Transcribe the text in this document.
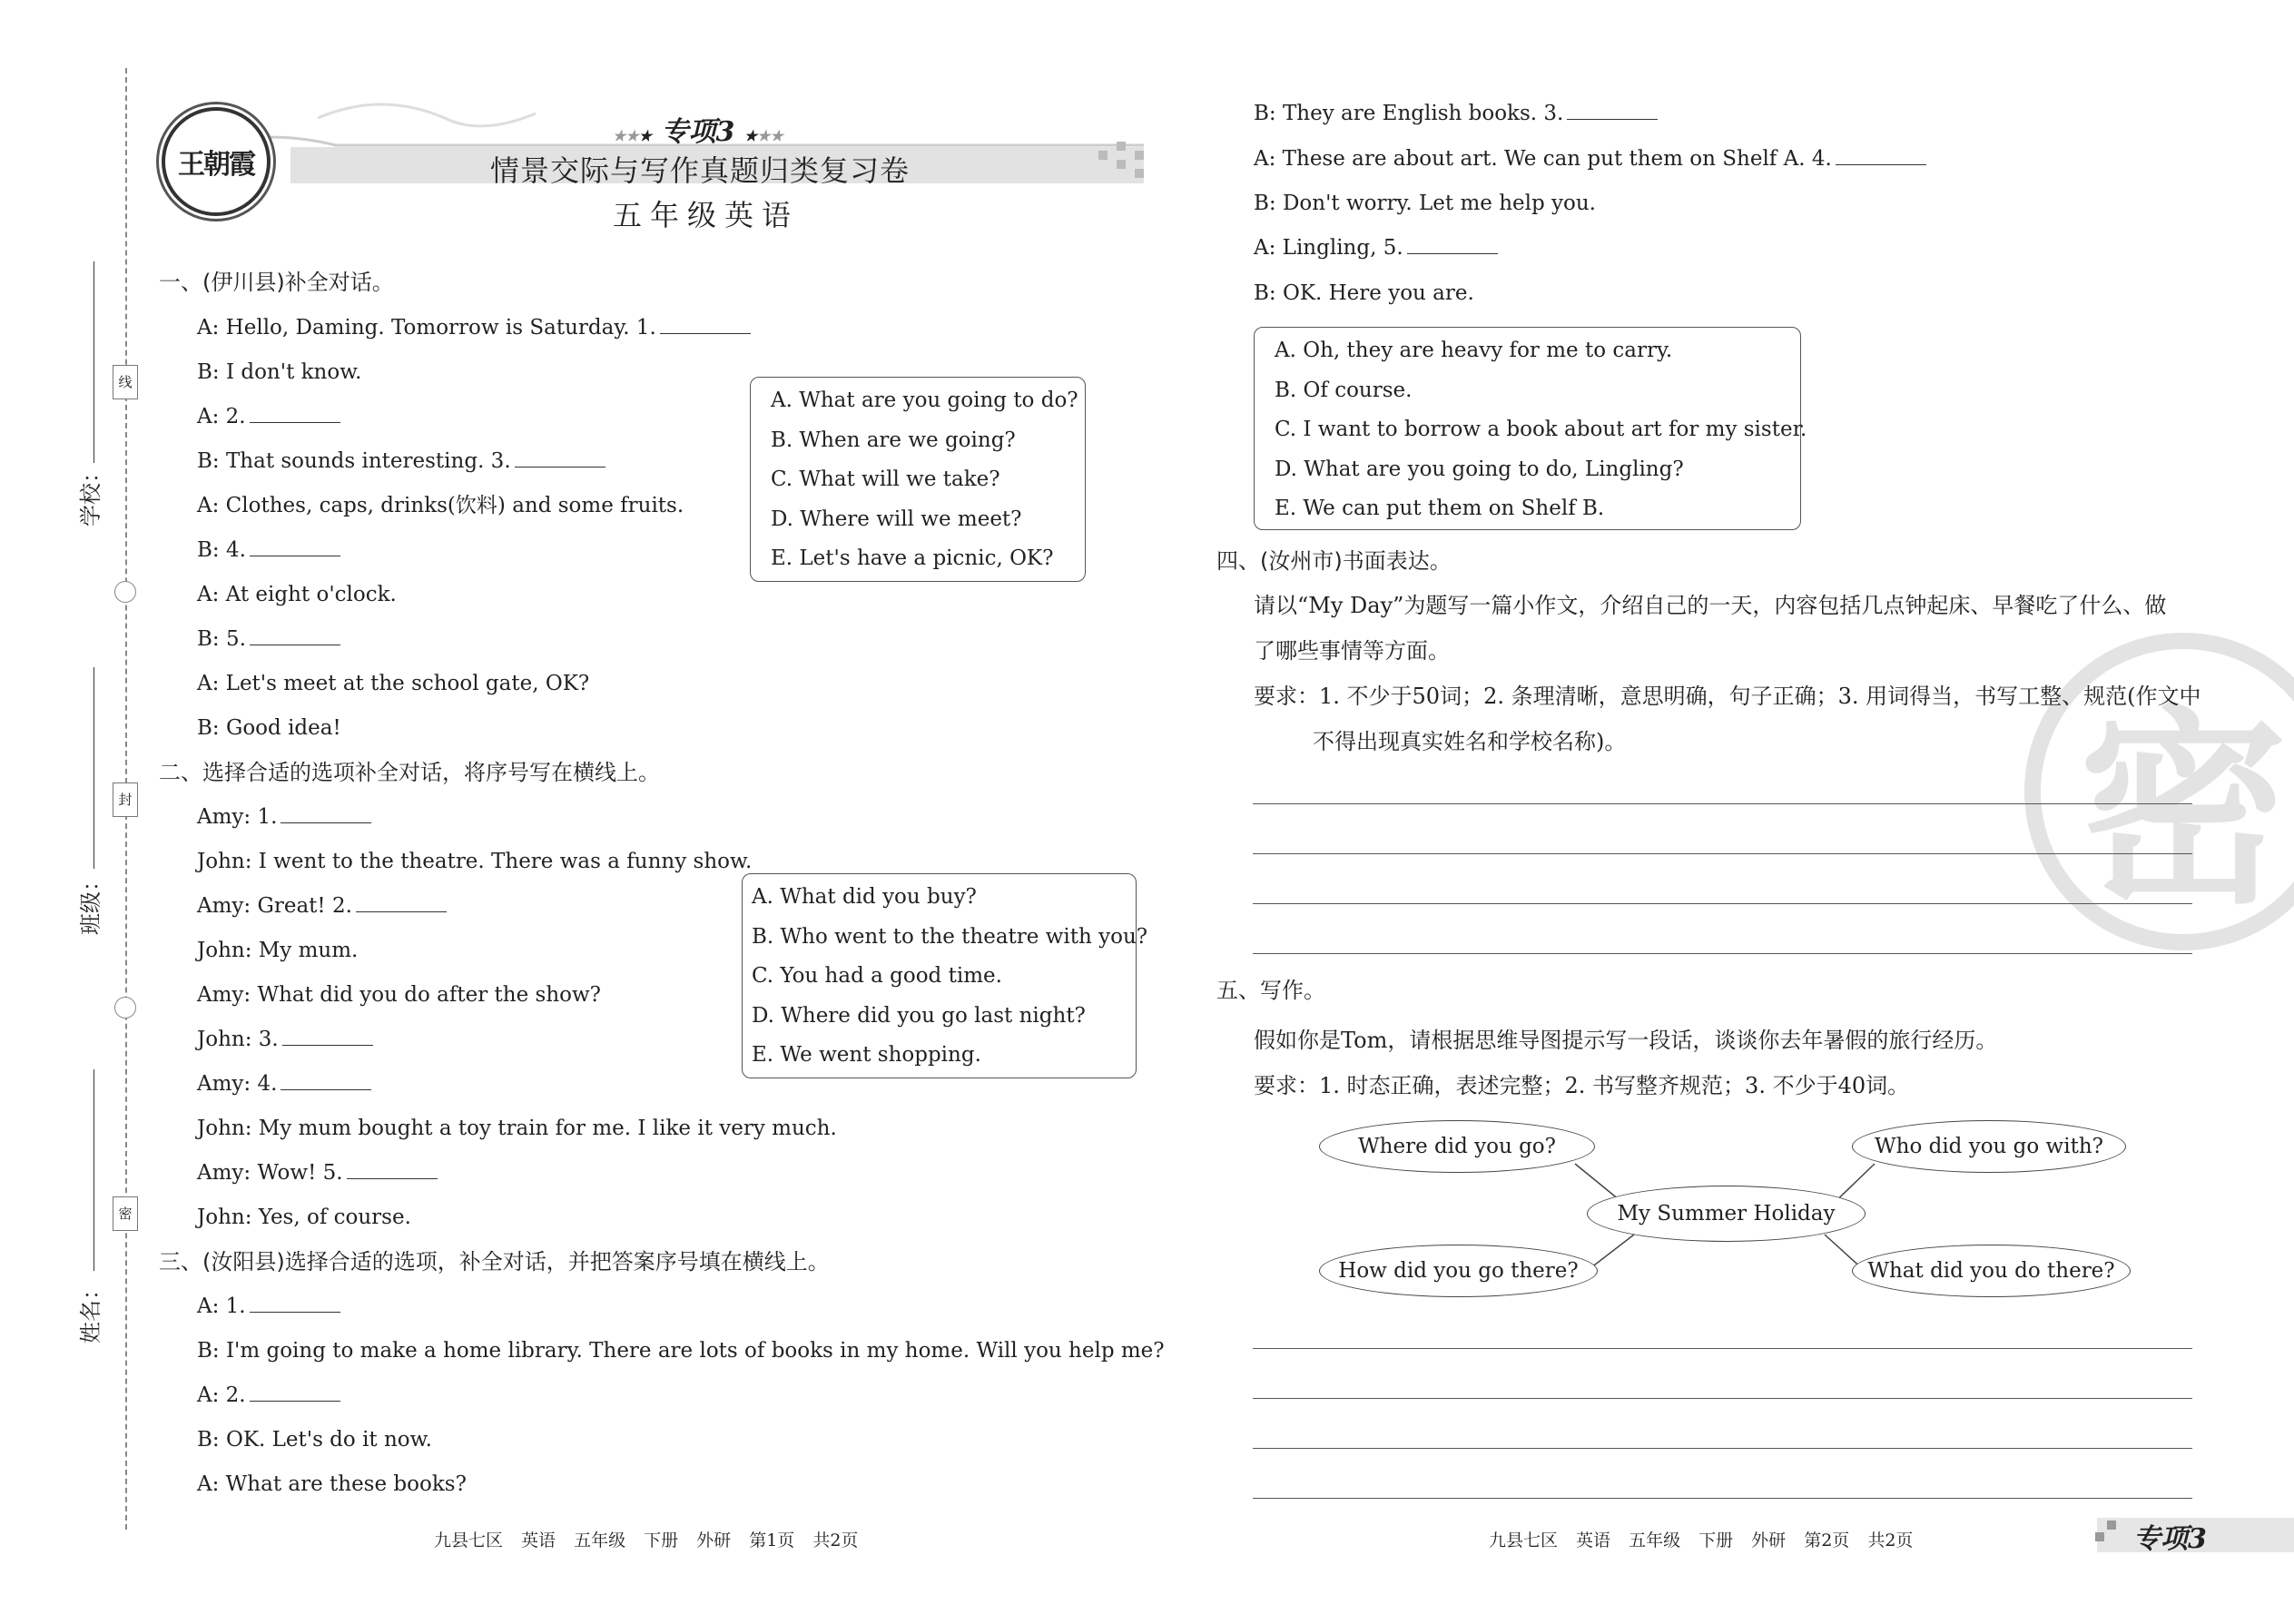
线
封
密
学校：
班级：
姓名：
王朝霞
★★★ 专项3 ★★★
情景交际与写作真题归类复习卷
五年级英语
一、(伊川县)补全对话。
A: Hello, Daming. Tomorrow is Saturday. 1.
B: I don't know.
A: 2.
B: That sounds interesting. 3.
A: Clothes, caps, drinks(饮料) and some fruits.
B: 4.
A: At eight o'clock.
B: 5.
A: Let's meet at the school gate, OK?
B: Good idea!
A. What are you going to do?
B. When are we going?
C. What will we take?
D. Where will we meet?
E. Let's have a picnic, OK?
二、选择合适的选项补全对话，将序号写在横线上。
Amy: 1.
John: I went to the theatre. There was a funny show.
Amy: Great! 2.
John: My mum.
Amy: What did you do after the show?
John: 3.
Amy: 4.
John: My mum bought a toy train for me. I like it very much.
Amy: Wow! 5.
John: Yes, of course.
A. What did you buy?
B. Who went to the theatre with you?
C. You had a good time.
D. Where did you go last night?
E. We went shopping.
三、(汝阳县)选择合适的选项，补全对话，并把答案序号填在横线上。
A: 1.
B: I'm going to make a home library. There are lots of books in my home. Will you help me?
A: 2.
B: OK. Let's do it now.
A: What are these books?
九县七区 英语 五年级 下册 外研 第1页 共2页
B: They are English books. 3.
A: These are about art. We can put them on Shelf A. 4.
B: Don't worry. Let me help you.
A: Lingling, 5.
B: OK. Here you are.
A. Oh, they are heavy for me to carry.
B. Of course.
C. I want to borrow a book about art for my sister.
D. What are you going to do, Lingling?
E. We can put them on Shelf B.
密
四、(汝州市)书面表达。
请以“My Day”为题写一篇小作文，介绍自己的一天，内容包括几点钟起床、早餐吃了什么、做
了哪些事情等方面。
要求：1. 不少于50词；2. 条理清晰，意思明确，句子正确；3. 用词得当，书写工整、规范(作文中
不得出现真实姓名和学校名称)。
五、写作。
假如你是Tom，请根据思维导图提示写一段话，谈谈你去年暑假的旅行经历。
要求：1. 时态正确，表述完整；2. 书写整齐规范；3. 不少于40词。
My Summer Holiday
Where did you go?	Who did you go with?
How did you go there?	What did you do there?
九县七区 英语 五年级 下册 外研 第2页 共2页	专项3
